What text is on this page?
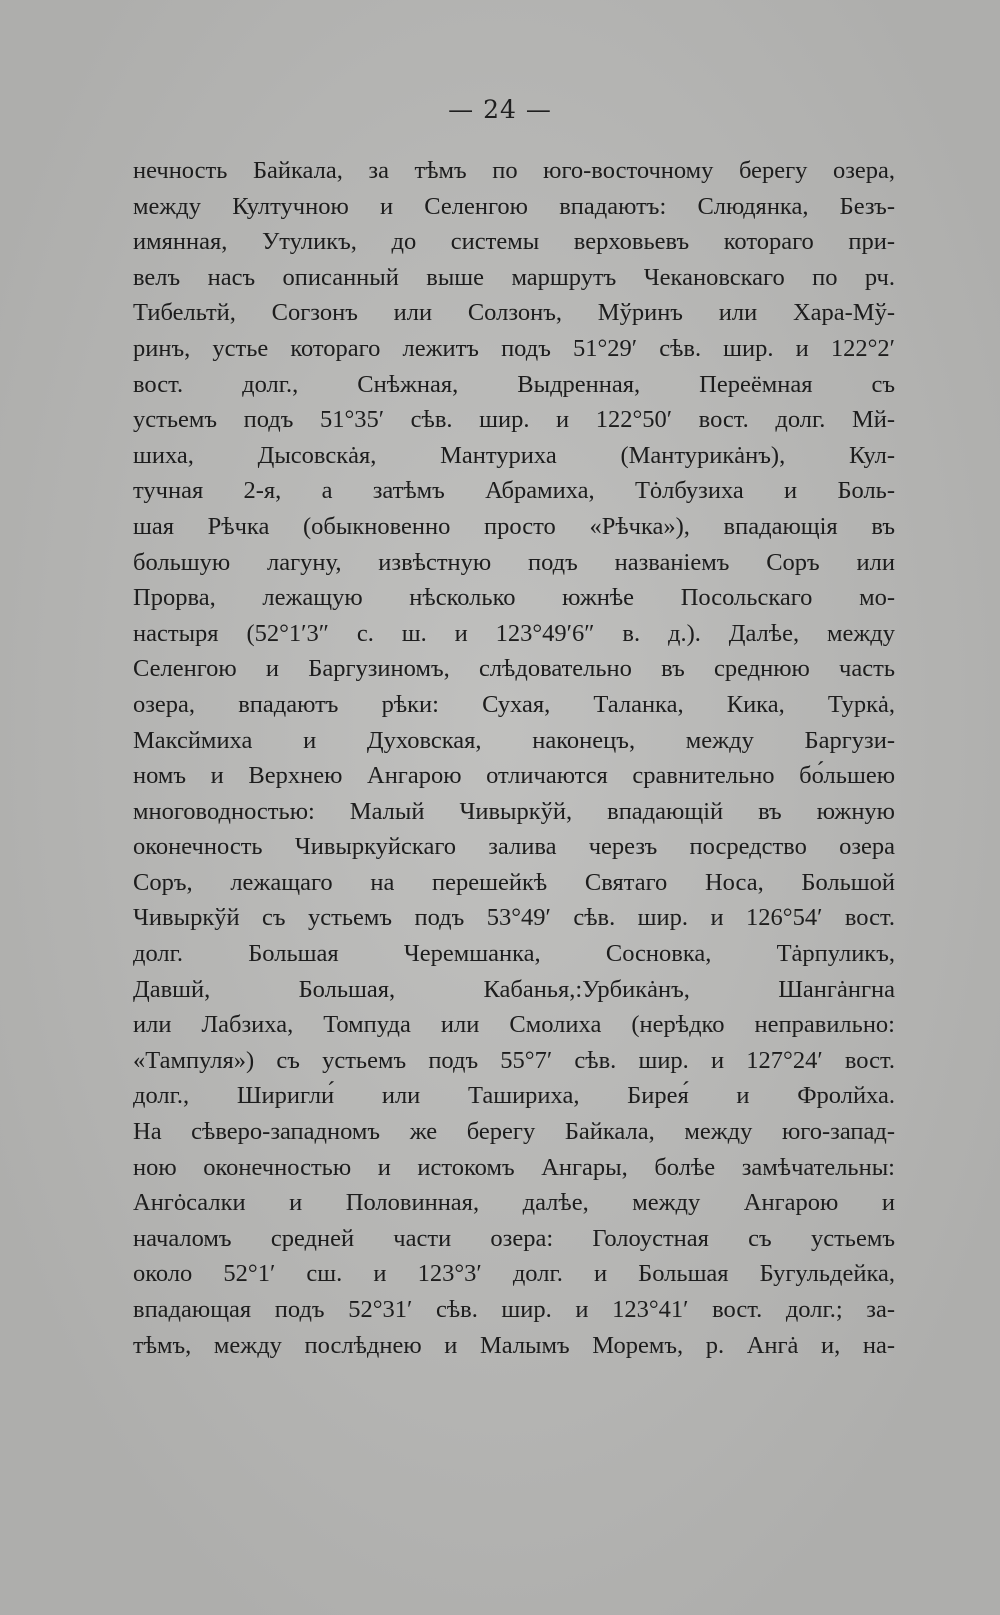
— 24 —
нечность Байкала, за тѣмъ по юго-восточному берегу озера,
между Култучною и Селенгою впадаютъ: Слюдянка, Безъ-
имянная, Утуликъ, до системы верховьевъ котораго при-
велъ насъ описанный выше маршрутъ Чекановскаго по рч.
Тибельтй, Согзонъ или Солзонъ, Мўринъ или Хара-Мў-
ринъ, устье котораго лежитъ подъ 51°29′ сѣв. шир. и 122°2′
вост. долг., Снѣжная, Выдренная, Переёмная съ
устьемъ подъ 51°35′ сѣв. шир. и 122°50′ вост. долг. Мй-
шиха, Дысовскȧя, Мантуриха (Мантурикȧнъ), Кул-
тучная 2-я, а затѣмъ Абрамиха, Тȯлбузиха и Боль-
шая Рѣчка (обыкновенно просто «Рѣчка»), впадающія въ
большую лагуну, извѣстную подъ названіемъ Соръ или
Прорва, лежащую нѣсколько южнѣе Посольскаго мо-
настыря (52°1′3″ с. ш. и 123°49′6″ в. д.). Далѣе, между
Селенгою и Баргузиномъ, слѣдовательно въ среднюю часть
озера, впадаютъ рѣки: Сухая, Таланка, Кика, Туркȧ,
Максймиха и Духовская, наконецъ, между Баргузи-
номъ и Верхнею Ангарою отличаются сравнительно бо́льшею
многоводностью: Малый Чивыркўй, впадающій въ южную
оконечность Чивыркуйскаго залива черезъ посредство озера
Соръ, лежащаго на перешейкѣ Святаго Носа, Большой
Чивыркўй съ устьемъ подъ 53°49′ сѣв. шир. и 126°54′ вост.
долг. Большая Черемшанка, Сосновка, Тȧрпуликъ,
Давшй, Большая, Кабанья,:Урбикȧнъ, Шангȧнгна
или Лабзиха, Томпуда или Смолиха (нерѣдко неправильно:
«Тампуля») съ устьемъ подъ 55°7′ сѣв. шир. и 127°24′ вост.
долг., Ширигли́ или Ташириха, Бирея́ и Фролйха.
На сѣверо-западномъ же берегу Байкала, между юго-запад-
ною оконечностью и истокомъ Ангары, болѣе замѣчательны:
Ангȯсалки и Половинная, далѣе, между Ангарою и
началомъ средней части озера: Голоустная съ устьемъ
около 52°1′ сш. и 123°3′ долг. и Большая Бугульдейка,
впадающая подъ 52°31′ сѣв. шир. и 123°41′ вост. долг.; за-
тѣмъ, между послѣднею и Малымъ Моремъ, р. Ангȧ и, на-
